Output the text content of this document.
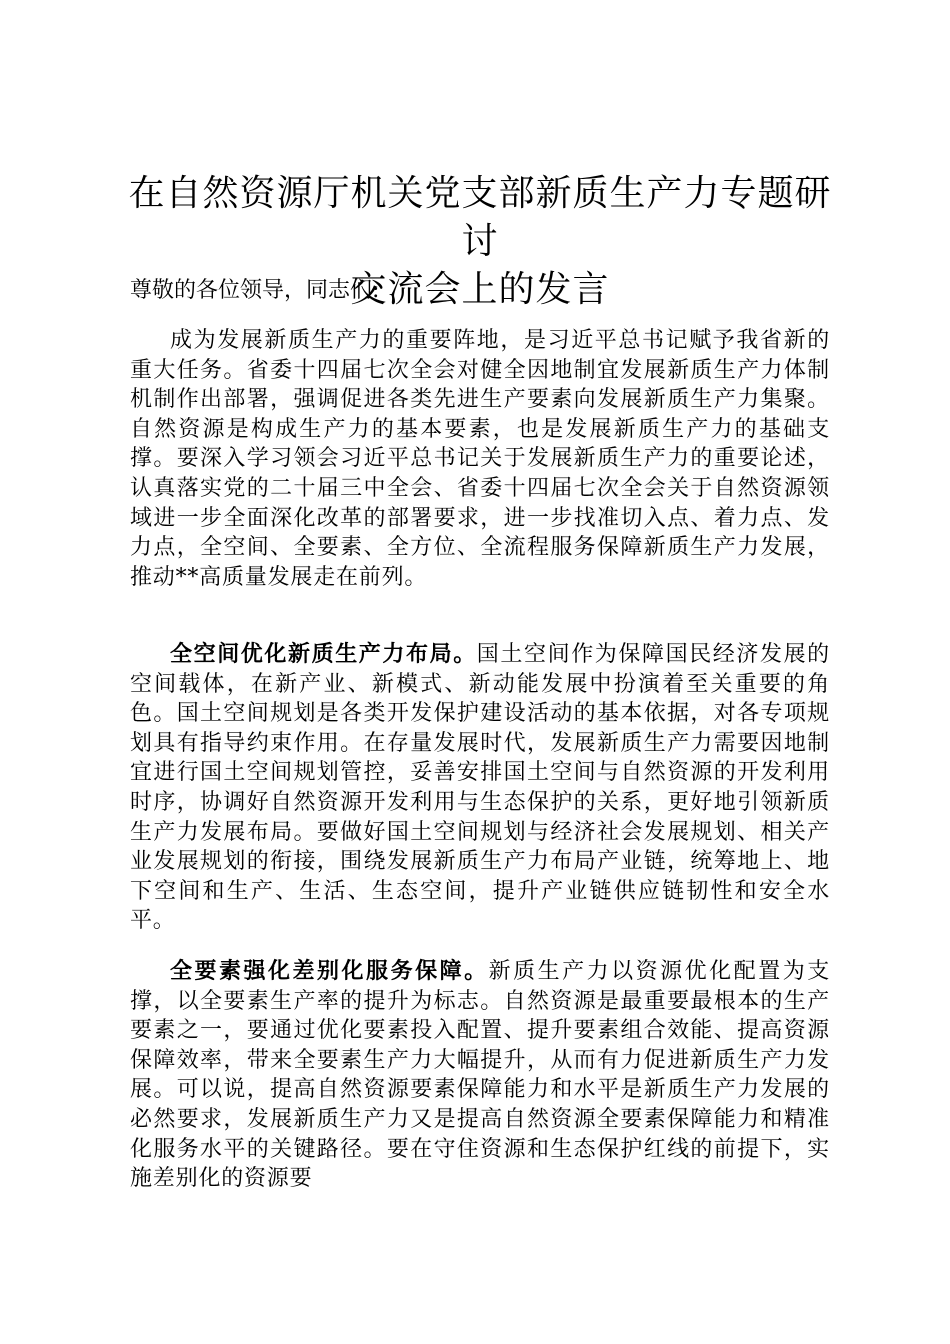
在自然资源厅机关党支部新质生产力专题研讨
交流会上的发言

尊敬的各位领导，同志们:

成为发展新质生产力的重要阵地，是习近平总书记赋予我省新的重大任务。省委十四届七次全会对健全因地制宜发展新质生产力体制机制作出部署，强调促进各类先进生产要素向发展新质生产力集聚。自然资源是构成生产力的基本要素，也是发展新质生产力的基础支撑。要深入学习领会习近平总书记关于发展新质生产力的重要论述，认真落实党的二十届三中全会、省委十四届七次全会关于自然资源领域进一步全面深化改革的部署要求，进一步找准切入点、着力点、发力点，全空间、全要素、全方位、全流程服务保障新质生产力发展，推动**高质量发展走在前列。

全空间优化新质生产力布局。国土空间作为保障国民经济发展的空间载体，在新产业、新模式、新动能发展中扮演着至关重要的角色。国土空间规划是各类开发保护建设活动的基本依据，对各专项规划具有指导约束作用。在存量发展时代，发展新质生产力需要因地制宜进行国土空间规划管控，妥善安排国土空间与自然资源的开发利用时序，协调好自然资源开发利用与生态保护的关系，更好地引领新质生产力发展布局。要做好国土空间规划与经济社会发展规划、相关产业发展规划的衔接，围绕发展新质生产力布局产业链，统筹地上、地下空间和生产、生活、生态空间，提升产业链供应链韧性和安全水平。

全要素强化差别化服务保障。新质生产力以资源优化配置为支撑，以全要素生产率的提升为标志。自然资源是最重要最根本的生产要素之一，要通过优化要素投入配置、提升要素组合效能、提高资源保障效率，带来全要素生产力大幅提升，从而有力促进新质生产力发展。可以说，提高自然资源要素保障能力和水平是新质生产力发展的必然要求，发展新质生产力又是提高自然资源全要素保障能力和精准化服务水平的关键路径。要在守住资源和生态保护红线的前提下，实施差别化的资源要
